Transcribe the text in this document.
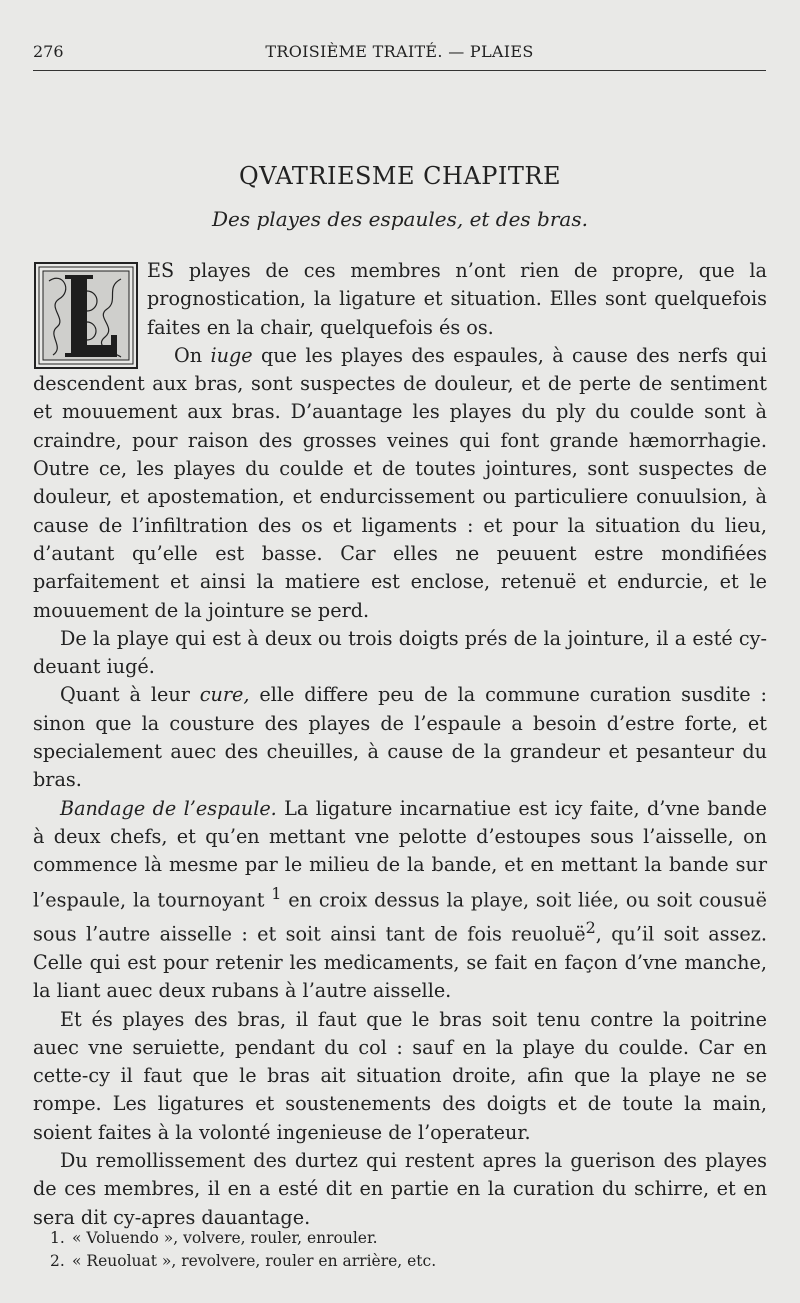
276	TROISIÈME TRAITÉ. — PLAIES
QVATRIESME CHAPITRE
Des playes des espaules, et des bras.

ES playes de ces membres n’ont rien de propre, que la prognostication, la ligature et situation. Elles sont quelquefois faites en la chair, quelquefois és os.

On iuge que les playes des espaules, à cause des nerfs qui descendent aux bras, sont suspectes de douleur, et de perte de sentiment et mouuement aux bras. D’auantage les playes du ply du coulde sont à craindre, pour raison des grosses veines qui font grande hæmorrhagie. Outre ce, les playes du coulde et de toutes jointures, sont suspectes de douleur, et apostemation, et endurcissement ou particuliere conuulsion, à cause de l’infiltration des os et ligaments : et pour la situation du lieu, d’autant qu’elle est basse. Car elles ne peuuent estre mondifiées parfaitement et ainsi la matiere est enclose, retenuë et endurcie, et le mouuement de la jointure se perd.

De la playe qui est à deux ou trois doigts prés de la jointure, il a esté cy-deuant iugé.

Quant à leur cure, elle differe peu de la commune curation susdite : sinon que la cousture des playes de l’espaule a besoin d’estre forte, et specialement auec des cheuilles, à cause de la grandeur et pesanteur du bras.

Bandage de l’espaule. La ligature incarnatiue est icy faite, d’vne bande à deux chefs, et qu’en mettant vne pelotte d’estoupes sous l’aisselle, on commence là mesme par le milieu de la bande, et en mettant la bande sur l’espaule, la tournoyant $^1$ en croix dessus la playe, soit liée, ou soit cousuë sous l’autre aisselle : et soit ainsi tant de fois reuoluë$^2$, qu’il soit assez. Celle qui est pour retenir les medicaments, se fait en façon d’vne manche, la liant auec deux rubans à l’autre aisselle.

Et és playes des bras, il faut que le bras soit tenu contre la poitrine auec vne seruiette, pendant du col : sauf en la playe du coulde. Car en cette-cy il faut que le bras ait situation droite, afin que la playe ne se rompe. Les ligatures et soustenements des doigts et de toute la main, soient faites à la volonté ingenieuse de l’operateur.

Du remollissement des durtez qui restent apres la guerison des playes de ces membres, il en a esté dit en partie en la curation du schirre, et en sera dit cy-apres dauantage.

1. « Voluendo », volvere, rouler, enrouler.
2. « Reuoluat », revolvere, rouler en arrière, etc.
